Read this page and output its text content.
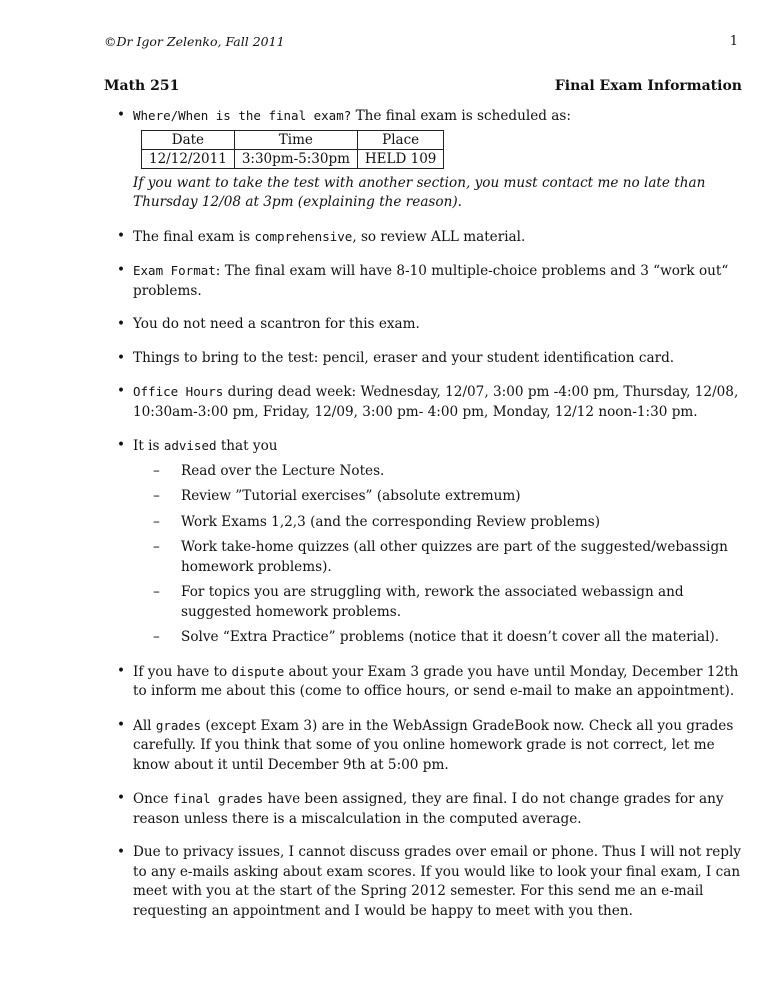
©Dr Igor Zelenko, Fall 2011	1
Math 251	Final Exam Information
• Where/When is the final exam? The final exam is scheduled as:
Date	Time	Place
12/12/2011	3:30pm-5:30pm	HELD 109
If you want to take the test with another section, you must contact me no late than Thursday 12/08 at 3pm (explaining the reason).
• The final exam is comprehensive, so review ALL material.
• Exam Format: The final exam will have 8-10 multiple-choice problems and 3 “work out“ problems.
• You do not need a scantron for this exam.
• Things to bring to the test: pencil, eraser and your student identification card.
• Office Hours during dead week: Wednesday, 12/07, 3:00 pm -4:00 pm, Thursday, 12/08, 10:30am-3:00 pm, Friday, 12/09, 3:00 pm- 4:00 pm, Monday, 12/12 noon-1:30 pm.
• It is advised that you
– Read over the Lecture Notes.
– Review ”Tutorial exercises” (absolute extremum)
– Work Exams 1,2,3 (and the corresponding Review problems)
– Work take-home quizzes (all other quizzes are part of the suggested/webassign homework problems).
– For topics you are struggling with, rework the associated webassign and suggested homework problems.
– Solve “Extra Practice” problems (notice that it doesn’t cover all the material).
• If you have to dispute about your Exam 3 grade you have until Monday, December 12th to inform me about this (come to office hours, or send e-mail to make an appointment).
• All grades (except Exam 3) are in the WebAssign GradeBook now. Check all you grades carefully. If you think that some of you online homework grade is not correct, let me know about it until December 9th at 5:00 pm.
• Once final grades have been assigned, they are final. I do not change grades for any reason unless there is a miscalculation in the computed average.
• Due to privacy issues, I cannot discuss grades over email or phone. Thus I will not reply to any e-mails asking about exam scores. If you would like to look your final exam, I can meet with you at the start of the Spring 2012 semester. For this send me an e-mail requesting an appointment and I would be happy to meet with you then.
